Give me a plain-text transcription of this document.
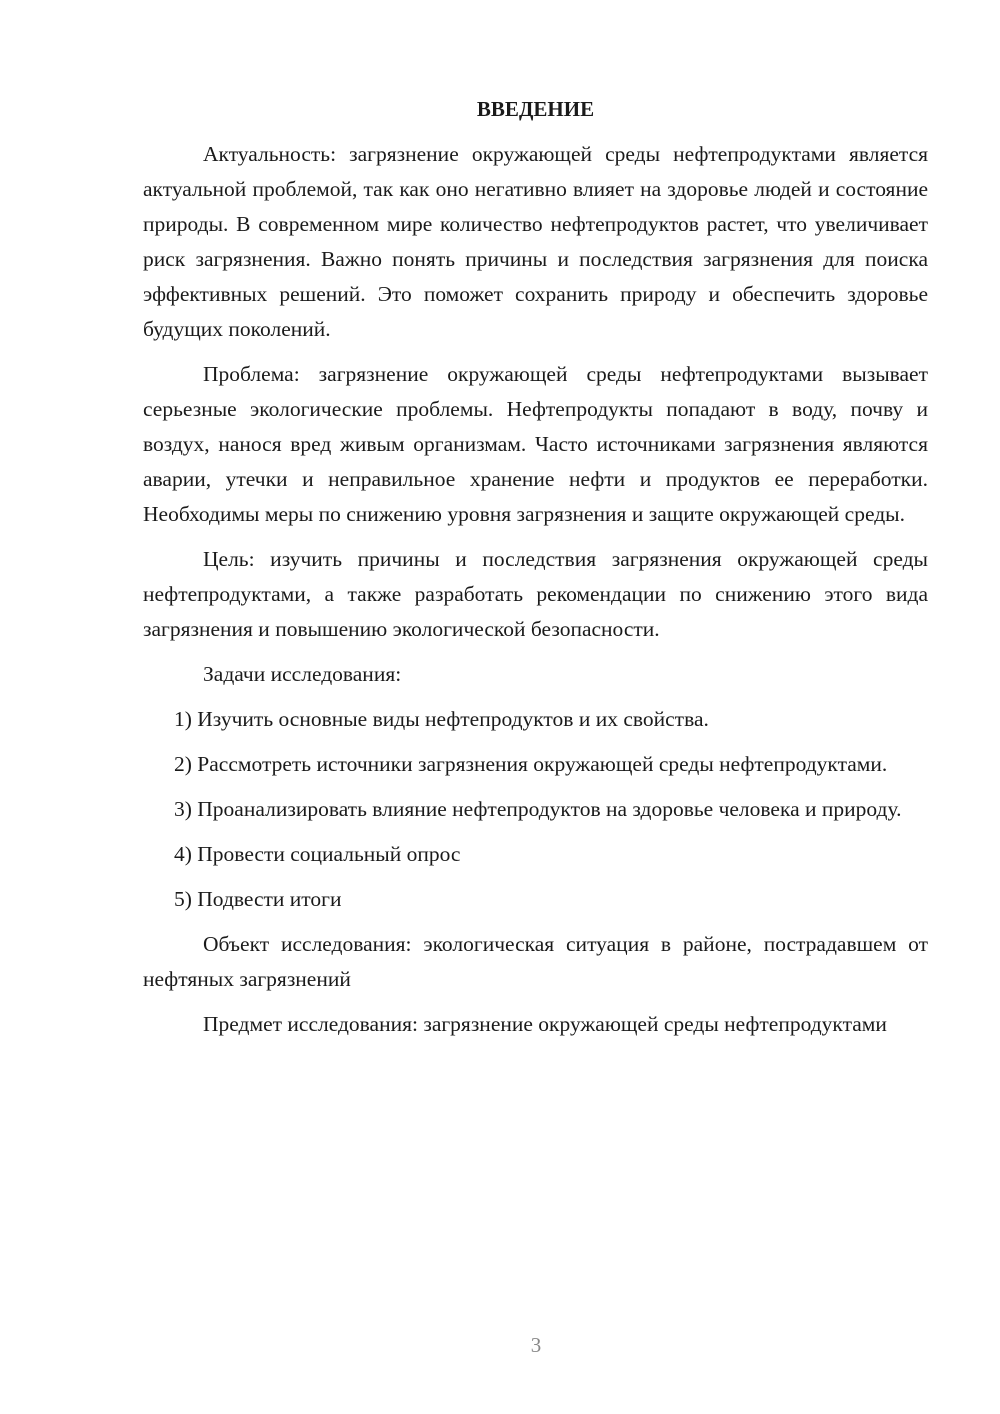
ВВЕДЕНИЕ

Актуальность: загрязнение окружающей среды нефтепродуктами является актуальной проблемой, так как оно негативно влияет на здоровье людей и состояние природы. В современном мире количество нефтепродуктов растет, что увеличивает риск загрязнения. Важно понять причины и последствия загрязнения для поиска эффективных решений. Это поможет сохранить природу и обеспечить здоровье будущих поколений.

Проблема: загрязнение окружающей среды нефтепродуктами вызывает серьезные экологические проблемы. Нефтепродукты попадают в воду, почву и воздух, нанося вред живым организмам. Часто источниками загрязнения являются аварии, утечки и неправильное хранение нефти и продуктов ее переработки. Необходимы меры по снижению уровня загрязнения и защите окружающей среды.

Цель: изучить причины и последствия загрязнения окружающей среды нефтепродуктами, а также разработать рекомендации по снижению этого вида загрязнения и повышению экологической безопасности.

Задачи исследования:

1) Изучить основные виды нефтепродуктов и их свойства.

2) Рассмотреть источники загрязнения окружающей среды нефтепродуктами.

3) Проанализировать влияние нефтепродуктов на здоровье человека и природу.

4) Провести социальный опрос

5) Подвести итоги

Объект исследования: экологическая ситуация в районе, пострадавшем от нефтяных загрязнений

Предмет исследования: загрязнение окружающей среды нефтепродуктами

3
